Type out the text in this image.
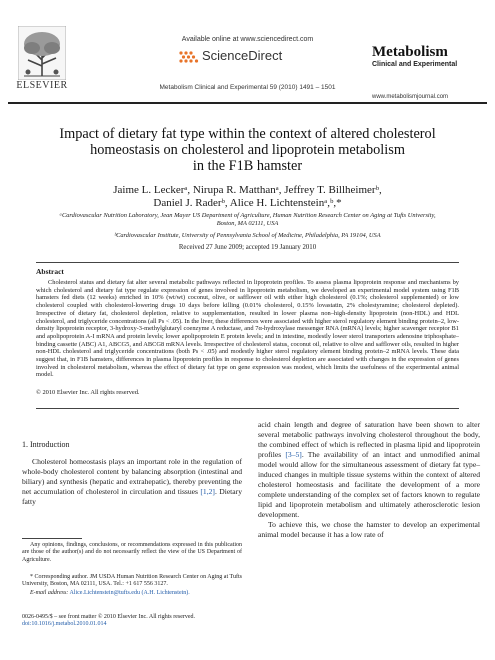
ELSEVIER
Available online at www.sciencedirect.com
ScienceDirect
Metabolism Clinical and Experimental 59 (2010) 1491 – 1501
Metabolism
Clinical and Experimental
www.metabolismjournal.com
Impact of dietary fat type within the context of altered cholesterol
homeostasis on cholesterol and lipoprotein metabolism
in the F1B hamster
Jaime L. Leckerᵃ, Nirupa R. Matthanᵃ, Jeffrey T. Billheimerᵇ,
Daniel J. Raderᵇ, Alice H. Lichtensteinᵃ,ᵇ,*
ᵃCardiovascular Nutrition Laboratory, Jean Mayer US Department of Agriculture, Human Nutrition Research Center on Aging at Tufts University,
Boston, MA 02111, USA
ᵇCardiovascular Institute, University of Pennsylvania School of Medicine, Philadelphia, PA 19104, USA
Received 27 June 2009; accepted 19 January 2010
Abstract
Cholesterol status and dietary fat alter several metabolic pathways reflected in lipoprotein profiles. To assess plasma lipoprotein response and mechanisms by which cholesterol and dietary fat type regulate expression of genes involved in lipoprotein metabolism, we developed an experimental model system using F1B hamsters fed diets (12 weeks) enriched in 10% (wt/wt) coconut, olive, or safflower oil with either high cholesterol (0.1%; cholesterol supplemented) or low cholesterol coupled with cholesterol-lowering drugs 10 days before killing (0.01% cholesterol, 0.15% lovastatin, 2% cholestyramine; cholesterol depleted). Irrespective of dietary fat, cholesterol depletion, relative to supplementation, resulted in lower plasma non–high-density lipoprotein (non-HDL) and HDL cholesterol, and triglyceride concentrations (all Ps < .05). In the liver, these differences were associated with higher sterol regulatory element binding protein–2, low-density lipoprotein receptor, 3-hydroxy-3-methylglutaryl coenzyme A reductase, and 7α-hydroxylase messenger RNA (mRNA) levels; higher scavenger receptor B1 and apolipoprotein A-I mRNA and protein levels; lower apolipoprotein E protein levels; and in intestine, modestly lower sterol transporters adenosine triphosphate–binding cassette (ABC) A1, ABCG5, and ABCG8 mRNA levels. Irrespective of cholesterol status, coconut oil, relative to olive and safflower oils, resulted in higher non-HDL cholesterol and triglyceride concentrations (both Ps < .05) and modestly higher sterol regulatory element binding protein–2 mRNA levels. These data suggest that, in F1B hamsters, differences in plasma lipoprotein profiles in response to cholesterol depletion are associated with changes in the expression of genes involved in cholesterol metabolism, whereas the effect of dietary fat type on gene expression was modest, which limits the usefulness of the experimental animal model.
© 2010 Elsevier Inc. All rights reserved.
1. Introduction

Cholesterol homeostasis plays an important role in the regulation of whole-body cholesterol content by balancing absorption (intestinal and biliary) and synthesis (hepatic and extrahepatic), thereby preventing the net accumulation of cholesterol in circulation and tissues [1,2]. Dietary fatty

Any opinions, findings, conclusions, or recommendations expressed in this publication are those of the author(s) and do not necessarily reflect the view of the US Department of Agriculture.
* Corresponding author. JM USDA Human Nutrition Research Center on Aging at Tufts University, Boston, MA 02111, USA. Tel.: +1 617 556 3127.
E-mail address: Alice.Lichtenstein@tufts.edu (A.H. Lichtenstein).
0026-0495/$ – see front matter © 2010 Elsevier Inc. All rights reserved.
doi:10.1016/j.metabol.2010.01.014

acid chain length and degree of saturation have been shown to alter several metabolic pathways involving cholesterol throughout the body, the combined effect of which is reflected in plasma lipid and lipoprotein profiles [3–5]. The availability of an intact and unmodified animal model would allow for the simultaneous assessment of dietary fat type–induced changes in multiple tissue systems within the context of altered cholesterol homeostasis and facilitate the development of a more complete understanding of the complex set of factors known to regulate lipid and lipoprotein metabolism and ultimately atherosclerotic lesion development.

To achieve this, we chose the hamster to develop an experimental animal model because it has a low rate of
